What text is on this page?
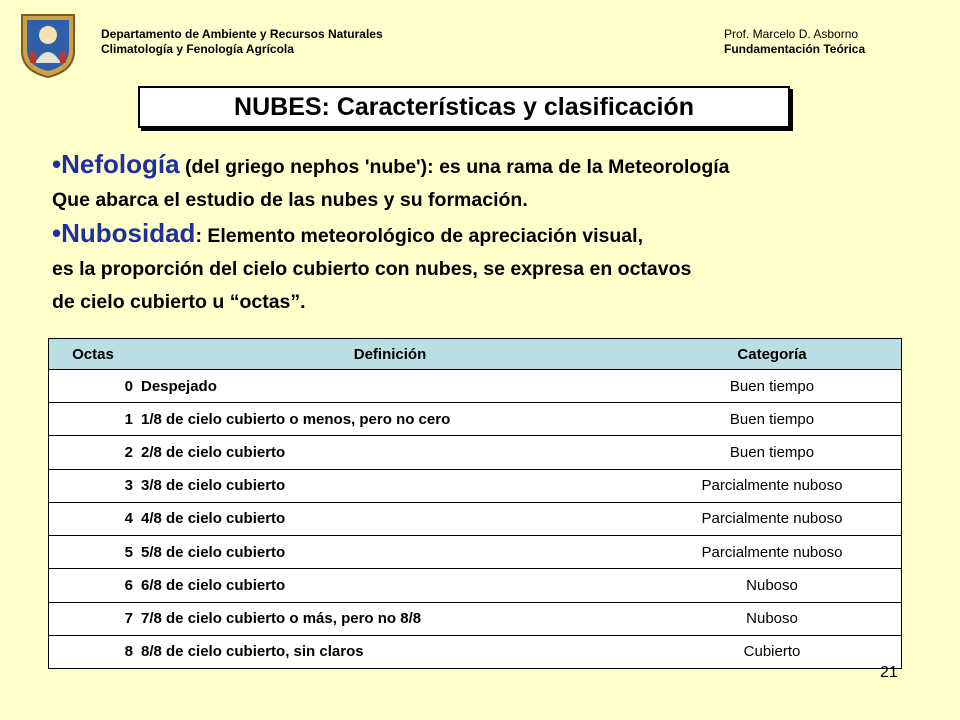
Departamento de Ambiente y Recursos Naturales
Climatología y Fenología Agrícola
Prof. Marcelo D. Asborno
Fundamentación Teórica
NUBES: Características y clasificación
•Nefología (del griego nephos 'nube'): es una rama de la Meteorología
Que abarca el estudio de las nubes y su formación.
•Nubosidad: Elemento meteorológico de apreciación visual,
es la proporción del cielo cubierto con nubes, se expresa en octavos
de cielo cubierto u “octas”.
Octas	Definición	Categoría
0	Despejado	Buen tiempo
1	1/8 de cielo cubierto o menos, pero no cero	Buen tiempo
2	2/8 de cielo cubierto	Buen tiempo
3	3/8 de cielo cubierto	Parcialmente nuboso
4	4/8 de cielo cubierto	Parcialmente nuboso
5	5/8 de cielo cubierto	Parcialmente nuboso
6	6/8 de cielo cubierto	Nuboso
7	7/8 de cielo cubierto o más, pero no 8/8	Nuboso
8	8/8 de cielo cubierto, sin claros	Cubierto
21
